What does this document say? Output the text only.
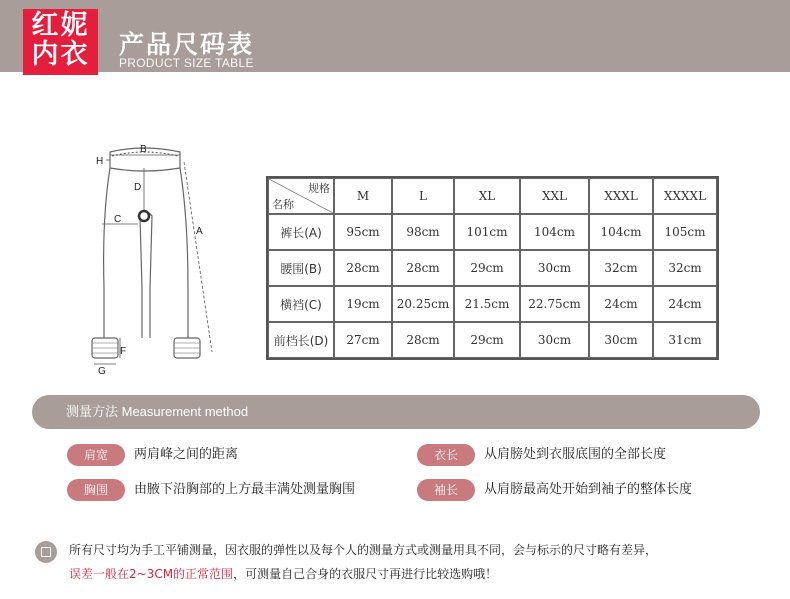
红妮
内衣	产品尺码表
PRODUCT SIZE TABLE
B
D
C
A
F
G
H
规格
名称	M	L	XL	XXL	XXXL	XXXXL
裤长(A)	95cm	98cm	101cm	104cm	104cm	105cm
腰围(B)	28cm	28cm	29cm	30cm	32cm	32cm
横裆(C)	19cm	20.25cm	21.5cm	22.75cm	24cm	24cm
前档长(D)	27cm	28cm	29cm	30cm	30cm	31cm
测量方法 Measurement method
肩宽	两肩峰之间的距离
胸围	由腋下沿胸部的上方最丰满处测量胸围
衣长	从肩膀处到衣服底围的全部长度
袖长	从肩膀最高处开始到袖子的整体长度
所有尺寸均为手工平铺测量，因衣服的弹性以及每个人的测量方式或测量用具不同，会与标示的尺寸略有差异，
误差一般在2~3CM的正常范围，可测量自己合身的衣服尺寸再进行比较选购哦！
